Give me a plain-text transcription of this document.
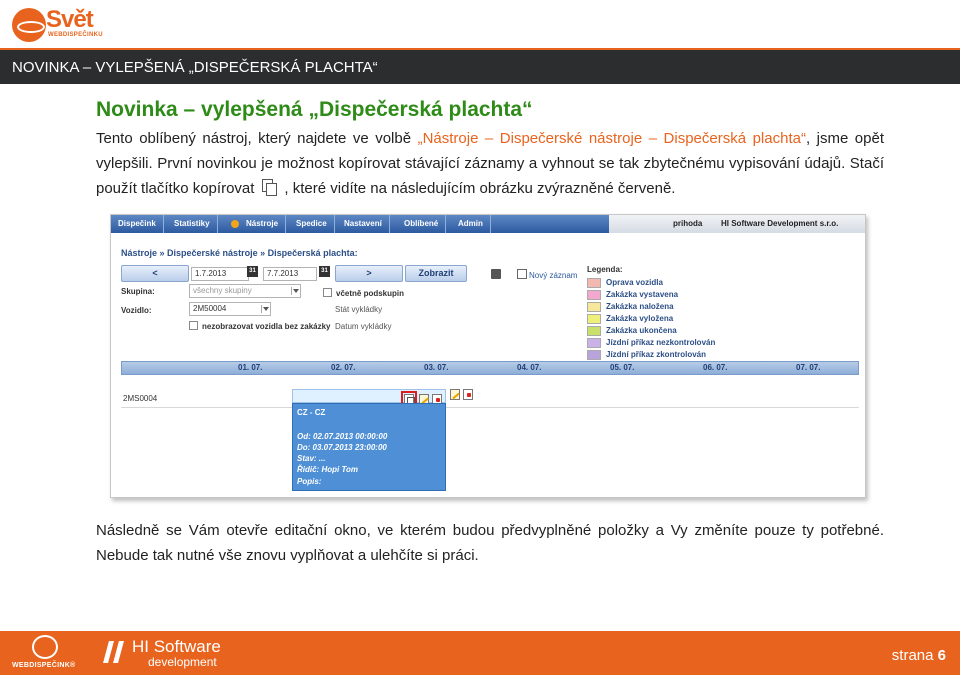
Svět
WEBDISPEČINKU
NOVINKA – VYLEPŠENÁ „DISPEČERSKÁ PLACHTA“
Novinka – vylepšená „Dispečerská plachta“

Tento oblíbený nástroj, který najdete ve volbě „Nástroje – Dispečerské nástroje – Dispečerská plachta“, jsme opět vylepšili. První novinkou je možnost kopírovat stávající záznamy a vyhnout se tak zbytečnému vypisování údajů. Stačí použít tlačítko kopírovat , které vidíte na následujícím obrázku zvýrazněné červeně.

Dispečink	Statistiky	Nástroje	Spedice	Nastavení	Oblíbené	Admin	prihoda HI Software Development s.r.o.
Nástroje » Dispečerské nástroje » Dispečerská plachta:
<	1.7.2013	31	7.7.2013	31	>	Zobrazit	Nový záznam
Skupina:	všechny skupiny	včetně podskupin
Vozidlo:	2M50004	Stát vykládky
nezobrazovat vozidla bez zakázky Datum vykládky
Legenda:
Oprava vozidla
Zakázka vystavena
Zakázka naložena
Zakázka vyložena
Zakázka ukončena
Jízdní příkaz nezkontrolován
Jízdní příkaz zkontrolován
01. 07.	02. 07.	03. 07.	04. 07.	05. 07.	06. 07.	07. 07.
2MS0004
CZ - CZ
Od: 02.07.2013 00:00:00
Do: 03.07.2013 23:00:00
Stav: ...
Řidič: Hopi Tom
Popis:

Následně se Vám otevře editační okno, ve kterém budou předvyplněné položky a Vy změníte pouze ty potřebné. Nebude tak nutné vše znovu vyplňovat a ulehčíte si práci.

WEBDISPEČINK®
HI Software
development	strana 6
